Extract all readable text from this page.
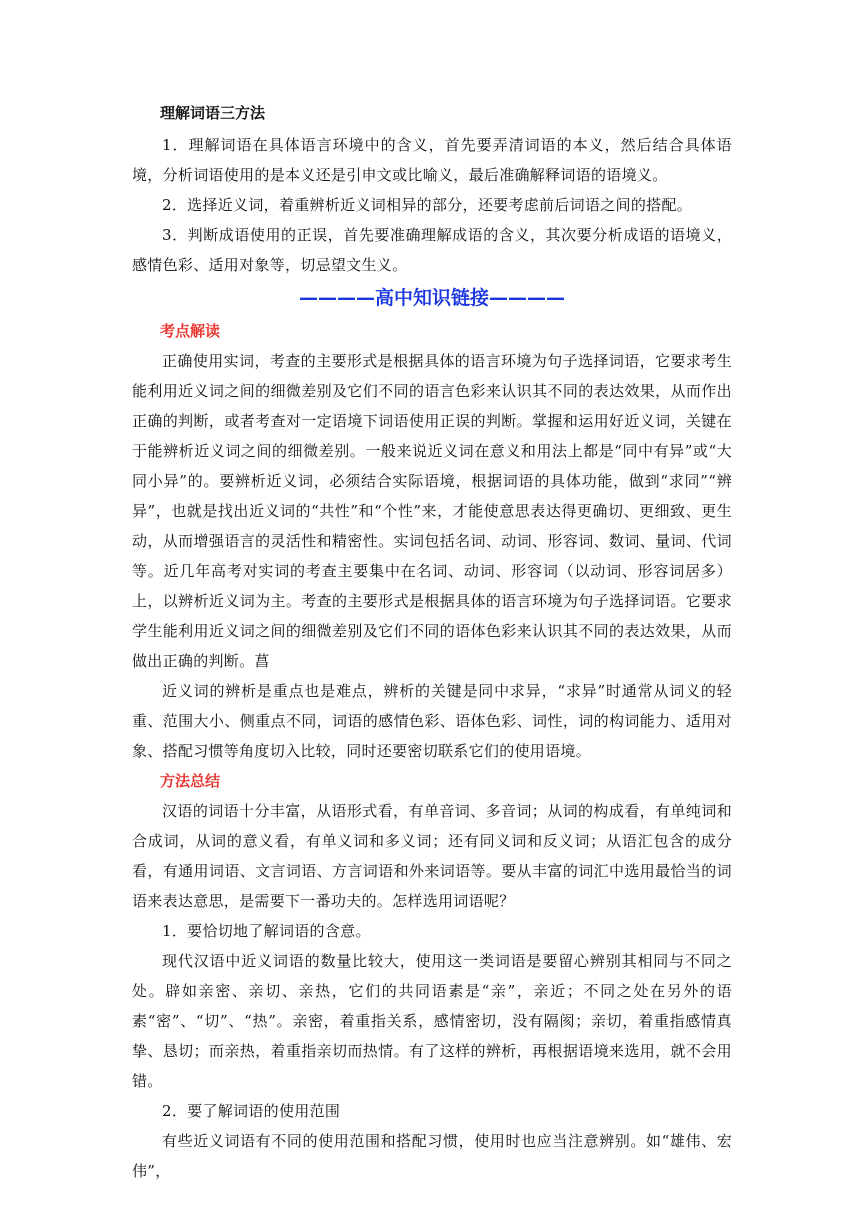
理解词语三方法

1．理解词语在具体语言环境中的含义，首先要弄清词语的本义，然后结合具体语境，分析词语使用的是本义还是引申文或比喻义，最后准确解释词语的语境义。

2．选择近义词，着重辨析近义词相异的部分，还要考虑前后词语之间的搭配。

3．判断成语使用的正误，首先要准确理解成语的含义，其次要分析成语的语境义，感情色彩、适用对象等，切忌望文生义。

————高中知识链接————

考点解读

正确使用实词，考查的主要形式是根据具体的语言环境为句子选择词语，它要求考生能利用近义词之间的细微差别及它们不同的语言色彩来认识其不同的表达效果，从而作出正确的判断，或者考查对一定语境下词语使用正误的判断。掌握和运用好近义词，关键在于能辨析近义词之间的细微差别。一般来说近义词在意义和用法上都是“同中有异”或“大同小异”的。要辨析近义词，必须结合实际语境，根据词语的具体功能，做到“求同”“辨异”，也就是找出近义词的“共性”和“个性”来，才能使意思表达得更确切、更细致、更生动，从而增强语言的灵活性和精密性。实词包括名词、动词、形容词、数词、量词、代词等。近几年高考对实词的考查主要集中在名词、动词、形容词（以动词、形容词居多）上，以辨析近义词为主。考查的主要形式是根据具体的语言环境为句子选择词语。它要求学生能利用近义词之间的细微差别及它们不同的语体色彩来认识其不同的表达效果，从而做出正确的判断。菖

近义词的辨析是重点也是难点，辨析的关键是同中求异，“求异”时通常从词义的轻重、范围大小、侧重点不同，词语的感情色彩、语体色彩、词性，词的构词能力、适用对象、搭配习惯等角度切入比较，同时还要密切联系它们的使用语境。

方法总结

汉语的词语十分丰富，从语形式看，有单音词、多音词；从词的构成看，有单纯词和合成词，从词的意义看，有单义词和多义词；还有同义词和反义词；从语汇包含的成分看，有通用词语、文言词语、方言词语和外来词语等。要从丰富的词汇中选用最恰当的词语来表达意思，是需要下一番功夫的。怎样选用词语呢？

1．要恰切地了解词语的含意。

现代汉语中近义词语的数量比较大，使用这一类词语是要留心辨别其相同与不同之处。辟如亲密、亲切、亲热，它们的共同语素是“亲”，亲近；不同之处在另外的语素“密”、“切”、“热”。亲密，着重指关系，感情密切，没有隔阂；亲切，着重指感情真挚、恳切；而亲热，着重指亲切而热情。有了这样的辨析，再根据语境来选用，就不会用错。

2．要了解词语的使用范围

有些近义词语有不同的使用范围和搭配习惯，使用时也应当注意辨别。如“雄伟、宏伟”，
